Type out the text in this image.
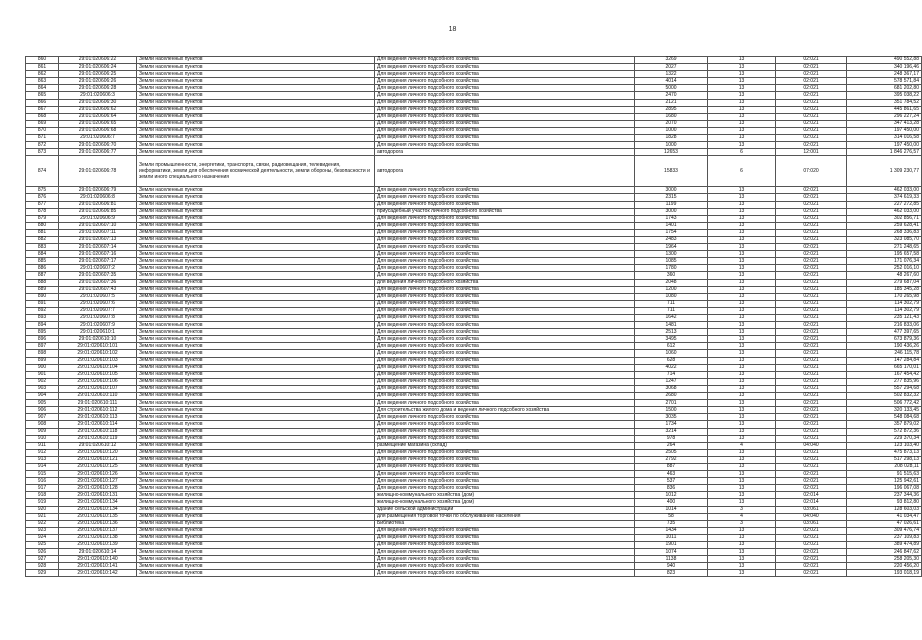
18
860	29:01:020606:22	Земли населенных пунктов	Для ведения личного подсобного хозяйства	3269	13	02:021	490 552,88
861	29:01:020606:24	Земли населенных пунктов	Для ведения личного подсобного хозяйства	2027	13	02:021	340 196,46
862	29:01:020606:25	Земли населенных пунктов	Для ведения личного подсобного хозяйства	1322	13	02:021	248 367,17
863	29:01:020606:26	Земли населенных пунктов	Для ведения личного подсобного хозяйства	4014	13	02:021	578 571,84
864	29:01:020606:28	Земли населенных пунктов	Для ведения личного подсобного хозяйства	5000	13	02:021	681 202,80
865	29:01:020606:3	Земли населенных пунктов	Для ведения личного подсобного хозяйства	2470	13	02:021	395 038,22
866	29:01:020606:30	Земли населенных пунктов	Для ведения личного подсобного хозяйства	2121	13	02:021	351 784,52
867	29:01:020606:62	Земли населенных пунктов	Для ведения личного подсобного хозяйства	2895	13	02:021	445 861,65
868	29:01:020606:64	Земли населенных пунктов	Для ведения личного подсобного хозяйства	1680	13	02:021	296 227,24
869	29:01:020606:65	Земли населенных пунктов	Для ведения личного подсобного хозяйства	2070	13	02:021	347 413,28
870	29:01:020606:68	Земли населенных пунктов	Для ведения личного подсобного хозяйства	1000	13	02:021	197 450,00
871	29:01:020606:7	Земли населенных пунктов	Для ведения личного подсобного хозяйства	1828	13	02:021	314 016,58
872	29:01:020606:70	Земли населенных пунктов	Для ведения личного подсобного хозяйства	1000	13	02:021	197 450,00
873	29:01:020606:77	Земли населенных пунктов	автодорога	12653	6	12:001	1 846 276,57
874	29:01:020606:78	Земли промышленности, энергетики, транспорта, связи, радиовещания, телевидения, информатики, земли для обеспечения космической деятельности, земли обороны, безопасности и земли иного специального назначения	автодорога	15833	6	07:020	1 309 230,77
875	29:01:020606:79	Земли населенных пунктов	Для ведения личного подсобного хозяйства	3000	13	02:021	462 033,00
876	29:01:020606:8	Земли населенных пунктов	Для ведения личного подсобного хозяйства	2315	13	02:021	374 619,33
877	29:01:020606:81	Земли населенных пунктов	Для ведения личного подсобного хозяйства	1199	13	02:021	227 272,85
878	29:01:020606:85	Земли населенных пунктов	приусадебный участок личного подсобного хозяйства	3000	13	02:021	462 033,00
879	29:01:020606:9	Земли населенных пунктов	Для ведения личного подсобного хозяйства	1743	13	02:021	302 856,71
880	29:01:020607:10	Земли населенных пунктов	Для ведения личного подсобного хозяйства	1401	13	02:021	259 628,41
881	29:01:020607:11	Земли населенных пунктов	Для ведения личного подсобного хозяйства	1754	13	02:021	268 336,83
882	29:01:020607:13	Земли населенных пунктов	Для ведения личного подсобного хозяйства	2483	13	02:021	323 085,70
883	29:01:020607:14	Земли населенных пунктов	Для ведения личного подсобного хозяйства	1964	13	02:021	271 248,65
884	29:01:020607:16	Земли населенных пунктов	Для ведения личного подсобного хозяйства	1300	13	02:021	195 657,58
885	29:01:020607:17	Земли населенных пунктов	Для ведения личного подсобного хозяйства	1085	13	02:021	171 076,34
886	29:01:020607:2	Земли населенных пунктов	Для ведения личного подсобного хозяйства	1780	13	02:021	252 016,10
887	29:01:020607:35	Земли населенных пунктов	Для ведения личного подсобного хозяйства	360	13	02:021	48 267,60
888	29:01:020607:36	Земли населенных пунктов	для ведения личного подсобного хозяйства	2048	13	02:021	279 687,04
889	29:01:020607:43	Земли населенных пунктов	Для ведения личного подсобного хозяйства	1200	13	02:021	185 345,28
890	29:01:020607:5	Земли населенных пунктов	Для ведения личного подсобного хозяйства	1080	13	02:021	170 265,98
891	29:01:020607:6	Земли населенных пунктов	Для ведения личного подсобного хозяйства	711	13	02:021	114 302,79
892	29:01:020607:7	Земли населенных пунктов	Для ведения личного подсобного хозяйства	711	13	02:021	114 302,79
893	29:01:020607:8	Земли населенных пунктов	Для ведения личного подсобного хозяйства	1642	13	02:021	235 121,43
894	29:01:020607:9	Земли населенных пунктов	Для ведения личного подсобного хозяйства	1481	13	02:021	216 833,06
895	29:01:020610:1	Земли населенных пунктов	Для ведения личного подсобного хозяйства	2513	13	02:021	477 397,65
896	29:01:020610:10	Земли населенных пунктов	Для ведения личного подсобного хозяйства	3495	13	02:021	673 879,36
897	29:01:020610:101	Земли населенных пунктов	Для ведения личного подсобного хозяйства	612	13	02:021	190 436,26
898	29:01:020610:102	Земли населенных пунктов	Для ведения личного подсобного хозяйства	1060	13	02:021	246 115,78
899	29:01:020610:103	Земли населенных пунктов	Для ведения личного подсобного хозяйства	628	13	02:021	147 284,84
900	29:01:020610:104	Земли населенных пунктов	Для ведения личного подсобного хозяйства	4022	13	02:021	665 170,01
901	29:01:020610:105	Земли населенных пунктов	Для ведения личного подсобного хозяйства	714	13	02:021	167 454,42
902	29:01:020610:106	Земли населенных пунктов	Для ведения личного подсобного хозяйства	1247	13	02:021	277 835,96
903	29:01:020610:107	Земли населенных пунктов	Для ведения личного подсобного хозяйства	3068	13	02:021	557 294,68
904	29:01:020610:110	Земли населенных пунктов	Для ведения личного подсобного хозяйства	2680	13	02:021	502 832,32
905	29:01:020610:111	Земли населенных пунктов	Для ведения личного подсобного хозяйства	2701	13	02:021	506 772,42
906	29:01:020610:112	Земли населенных пунктов	Для строительства жилого дома и ведения личного подсобного хозяйства	1500	13	02:021	320 133,45
907	29:01:020610:113	Земли населенных пунктов	Для ведения личного подсобного хозяйства	3035	13	02:021	548 084,68
908	29:01:020610:114	Земли населенных пунктов	Для ведения личного подсобного хозяйства	1734	13	02:021	357 879,02
909	29:01:020610:118	Земли населенных пунктов	Для ведения личного подсобного хозяйства	3214	13	02:021	572 872,36
910	29:01:020610:119	Земли населенных пунктов	Для ведения личного подсобного хозяйства	978	13	02:021	229 370,34
911	29:01:020610:12	Земли населенных пунктов	размещение магазина (склад)	264	4	04:040	123 103,40
912	29:01:020610:120	Земли населенных пунктов	Для ведения личного подсобного хозяйства	2505	13	02:021	475 873,13
913	29:01:020610:121	Земли населенных пунктов	Для ведения личного подсобного хозяйства	2792	13	02:021	517 298,13
914	29:01:020610:125	Земли населенных пунктов	Для ведения личного подсобного хозяйства	887	13	02:021	208 028,11
915	29:01:020610:126	Земли населенных пунктов	Для ведения личного подсобного хозяйства	463	13	02:021	91 515,63
916	29:01:020610:127	Земли населенных пунктов	Для ведения личного подсобного хозяйства	537	13	02:021	125 942,61
917	29:01:020610:128	Земли населенных пунктов	Для ведения личного подсобного хозяйства	836	13	02:021	196 067,08
918	29:01:020610:131	Земли населенных пунктов	жилищно-коммунального хозяйства (дом)	1012	13	02:014	237 344,36
919	29:01:020610:134	Земли населенных пунктов	жилищно-коммунального хозяйства (дом)	400	13	02:014	93 812,80
920	29:01:020610:134	Земли населенных пунктов	здание сельской администрации	1014	3	03:061	128 603,03
921	29:01:020610:135	Земли населенных пунктов	для размещения торговой точки по обслуживанию населения	58	4	04:040	41 034,47
922	29:01:020610:136	Земли населенных пунктов	Библиотека	735	3	03:061	47 026,61
923	29:01:020610:137	Земли населенных пунктов	Для ведения личного подсобного хозяйства	1434	13	02:021	309 476,74
924	29:01:020610:138	Земли населенных пунктов	Для ведения личного подсобного хозяйства	1011	13	02:021	237 109,83
925	29:01:020610:139	Земли населенных пунктов	Для ведения личного подсобного хозяйства	1901	13	02:021	389 474,89
926	29:01:020610:14	Земли населенных пунктов	Для ведения личного подсобного хозяйства	1074	13	02:021	246 847,62
927	29:01:020610:140	Земли населенных пунктов	Для ведения личного подсобного хозяйства	1138	13	02:021	258 205,30
928	29:01:020610:141	Земли населенных пунктов	Для ведения личного подсобного хозяйства	940	13	02:021	220 456,20
929	29:01:020610:142	Земли населенных пунктов	Для ведения личного подсобного хозяйства	823	13	02:021	193 018,19
